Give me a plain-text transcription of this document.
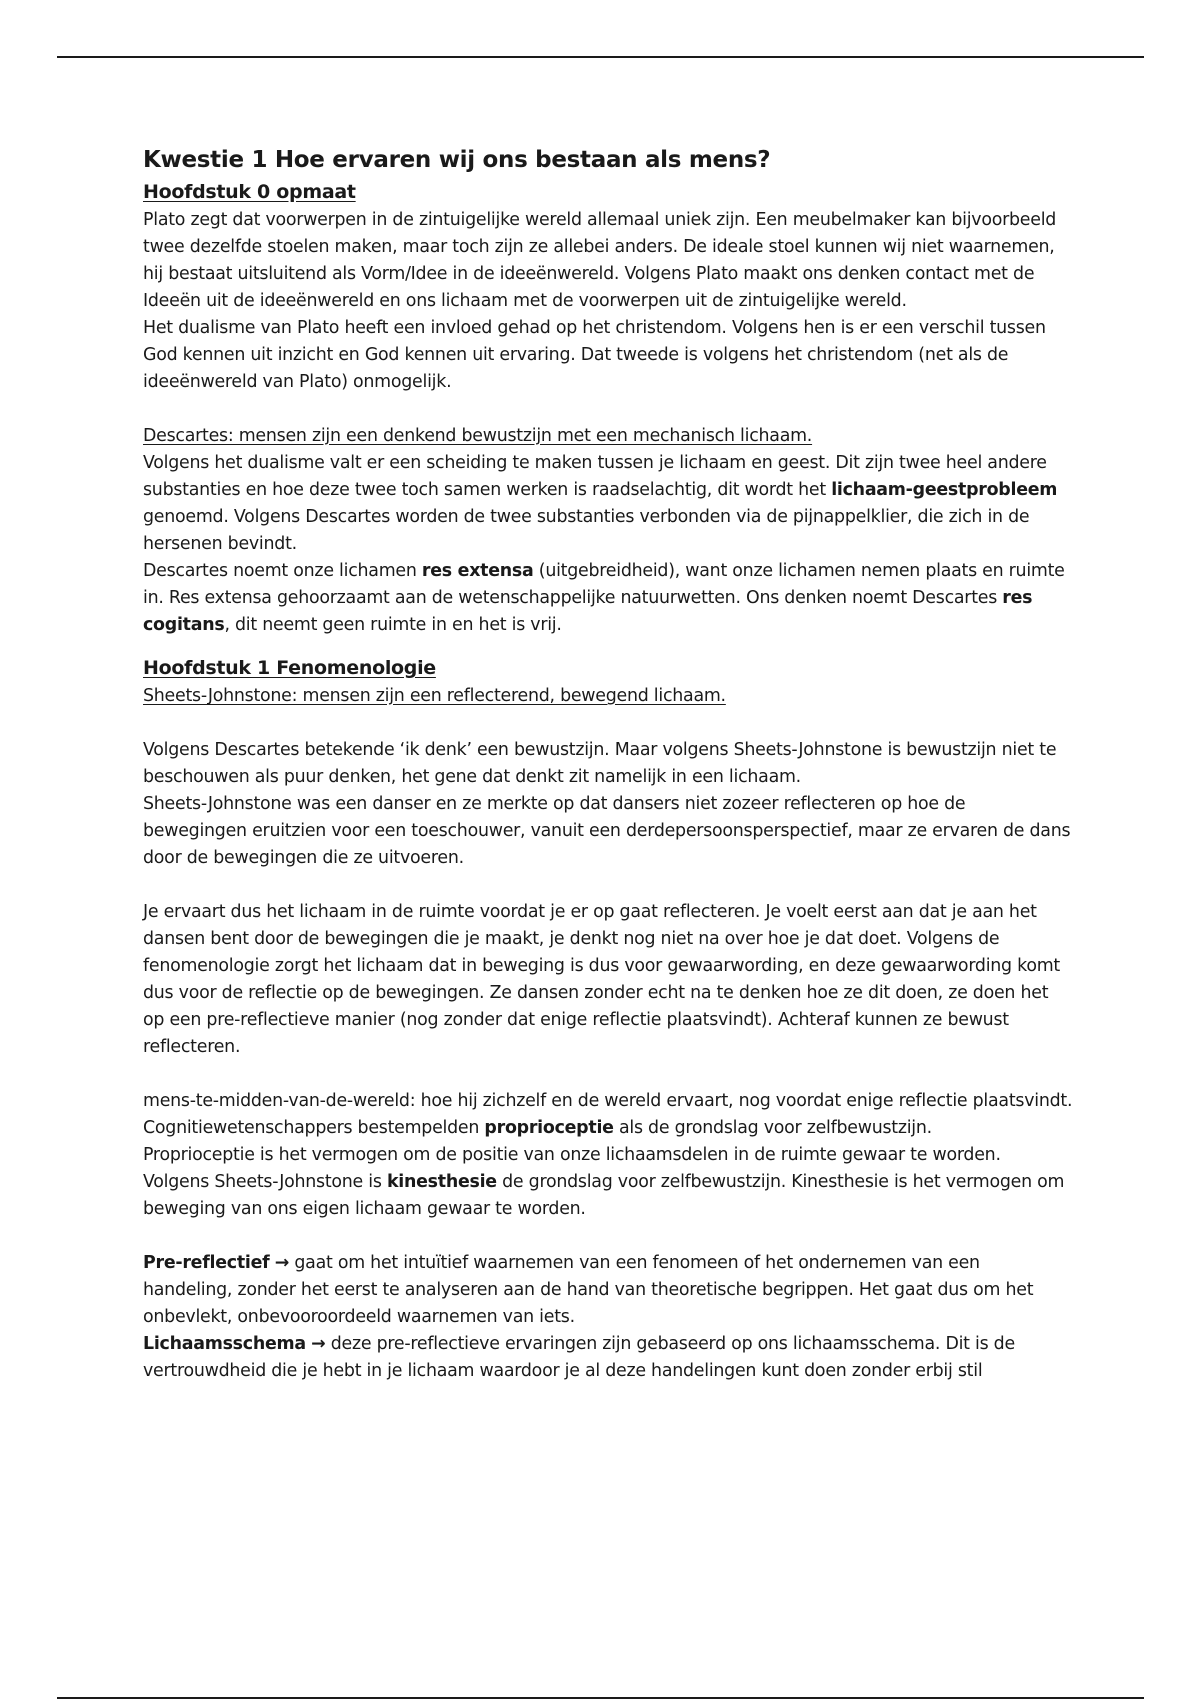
Kwestie 1 Hoe ervaren wij ons bestaan als mens?

Hoofdstuk 0 opmaat

Plato zegt dat voorwerpen in de zintuigelijke wereld allemaal uniek zijn. Een meubelmaker kan bijvoorbeeld twee dezelfde stoelen maken, maar toch zijn ze allebei anders. De ideale stoel kunnen wij niet waarnemen, hij bestaat uitsluitend als Vorm/Idee in de ideeënwereld. Volgens Plato maakt ons denken contact met de Ideeën uit de ideeënwereld en ons lichaam met de voorwerpen uit de zintuigelijke wereld.

Het dualisme van Plato heeft een invloed gehad op het christendom. Volgens hen is er een verschil tussen God kennen uit inzicht en God kennen uit ervaring. Dat tweede is volgens het christendom (net als de ideeënwereld van Plato) onmogelijk.

Descartes: mensen zijn een denkend bewustzijn met een mechanisch lichaam.

Volgens het dualisme valt er een scheiding te maken tussen je lichaam en geest. Dit zijn twee heel andere substanties en hoe deze twee toch samen werken is raadselachtig, dit wordt het lichaam-geestprobleem genoemd. Volgens Descartes worden de twee substanties verbonden via de pijnappelklier, die zich in de hersenen bevindt.

Descartes noemt onze lichamen res extensa (uitgebreidheid), want onze lichamen nemen plaats en ruimte in. Res extensa gehoorzaamt aan de wetenschappelijke natuurwetten. Ons denken noemt Descartes res cogitans, dit neemt geen ruimte in en het is vrij.

Hoofdstuk 1 Fenomenologie

Sheets-Johnstone: mensen zijn een reflecterend, bewegend lichaam.

Volgens Descartes betekende ‘ik denk’ een bewustzijn. Maar volgens Sheets-Johnstone is bewustzijn niet te beschouwen als puur denken, het gene dat denkt zit namelijk in een lichaam.

Sheets-Johnstone was een danser en ze merkte op dat dansers niet zozeer reflecteren op hoe de bewegingen eruitzien voor een toeschouwer, vanuit een derdepersoonsperspectief, maar ze ervaren de dans door de bewegingen die ze uitvoeren.

Je ervaart dus het lichaam in de ruimte voordat je er op gaat reflecteren. Je voelt eerst aan dat je aan het dansen bent door de bewegingen die je maakt, je denkt nog niet na over hoe je dat doet. Volgens de fenomenologie zorgt het lichaam dat in beweging is dus voor gewaarwording, en deze gewaarwording komt dus voor de reflectie op de bewegingen. Ze dansen zonder echt na te denken hoe ze dit doen, ze doen het op een pre-reflectieve manier (nog zonder dat enige reflectie plaatsvindt). Achteraf kunnen ze bewust reflecteren.

mens-te-midden-van-de-wereld: hoe hij zichzelf en de wereld ervaart, nog voordat enige reflectie plaatsvindt.

Cognitiewetenschappers bestempelden proprioceptie als de grondslag voor zelfbewustzijn.

Proprioceptie is het vermogen om de positie van onze lichaamsdelen in de ruimte gewaar te worden.

Volgens Sheets-Johnstone is kinesthesie de grondslag voor zelfbewustzijn. Kinesthesie is het vermogen om beweging van ons eigen lichaam gewaar te worden.

Pre-reflectief → gaat om het intuïtief waarnemen van een fenomeen of het ondernemen van een handeling, zonder het eerst te analyseren aan de hand van theoretische begrippen. Het gaat dus om het onbevlekt, onbevooroordeeld waarnemen van iets.

Lichaamsschema → deze pre-reflectieve ervaringen zijn gebaseerd op ons lichaamsschema. Dit is de vertrouwdheid die je hebt in je lichaam waardoor je al deze handelingen kunt doen zonder erbij stil
